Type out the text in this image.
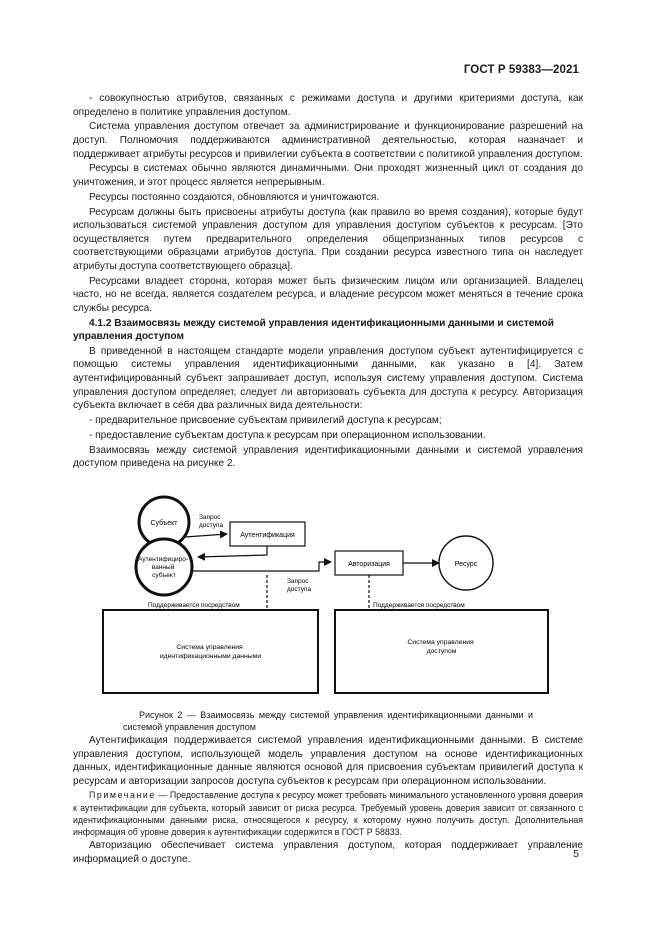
ГОСТ Р 59383—2021

- совокупностью атрибутов, связанных с режимами доступа и другими критериями доступа, как определено в политике управления доступом.

Система управления доступом отвечает за администрирование и функционирование разрешений на доступ. Полномочия поддерживаются административной деятельностью, которая назначает и поддерживает атрибуты ресурсов и привилегии субъекта в соответствии с политикой управления доступом.

Ресурсы в системах обычно являются динамичными. Они проходят жизненный цикл от создания до уничтожения, и этот процесс является непрерывным.

Ресурсы постоянно создаются, обновляются и уничтожаются.

Ресурсам должны быть присвоены атрибуты доступа (как правило во время создания), которые будут использоваться системой управления доступом для управления доступом субъектов к ресурсам. [Это осуществляется путем предварительного определения общепризнанных типов ресурсов с соответствующими образцами атрибутов доступа. При создании ресурса известного типа он наследует атрибуты доступа соответствующего образца].

Ресурсами владеет сторона, которая может быть физическим лицом или организацией. Владелец часто, но не всегда, является создателем ресурса, и владение ресурсом может меняться в течение срока службы ресурса.

4.1.2 Взаимосвязь между системой управления идентификационными данными и системой управления доступом

В приведенной в настоящем стандарте модели управления доступом субъект аутентифицируется с помощью системы управления идентификационными данными, как указано в [4]. Затем аутентифицированный субъект запрашивает доступ, используя систему управления доступом. Система управления доступом определяет, следует ли авторизовать субъекта для доступа к ресурсу. Авторизация субъекта включает в себя два различных вида деятельности:

- предварительное присвоение субъектам привилегий доступа к ресурсам;

- предоставление субъектам доступа к ресурсам при операционном использовании.

Взаимосвязь между системой управления идентификационными данными и системой управления доступом приведена на рисунке 2.

Субъект
Аутентифициро- ванный субъект
Запрос доступа
Аутентификация
Запрос доступа
Авторизация	Ресурс
Поддерживается посредством	Поддерживается посредством
Система управления идентификационными данными
Система управления доступом

Рисунок 2 — Взаимосвязь между системой управления идентификационными данными и системой управления доступом

Аутентификация поддерживается системой управления идентификационными данными. В системе управления доступом, использующей модель управления доступом на основе идентификационных данных, идентификационные данные являются основой для присвоения субъектам привилегий доступа к ресурсам и авторизации запросов доступа субъектов к ресурсам при операционном использовании.

Примечание — Предоставление доступа к ресурсу может требовать минимального установленного уровня доверия к аутентификации для субъекта, который зависит от риска ресурса. Требуемый уровень доверия зависит от связанного с идентификационными данными риска, относящегося к ресурсу, к которому нужно получить доступ. Дополнительная информация об уровне доверия к аутентификации содержится в ГОСТ Р 58833.

Авторизацию обеспечивает система управления доступом, которая поддерживает управление информацией о доступе.	5
